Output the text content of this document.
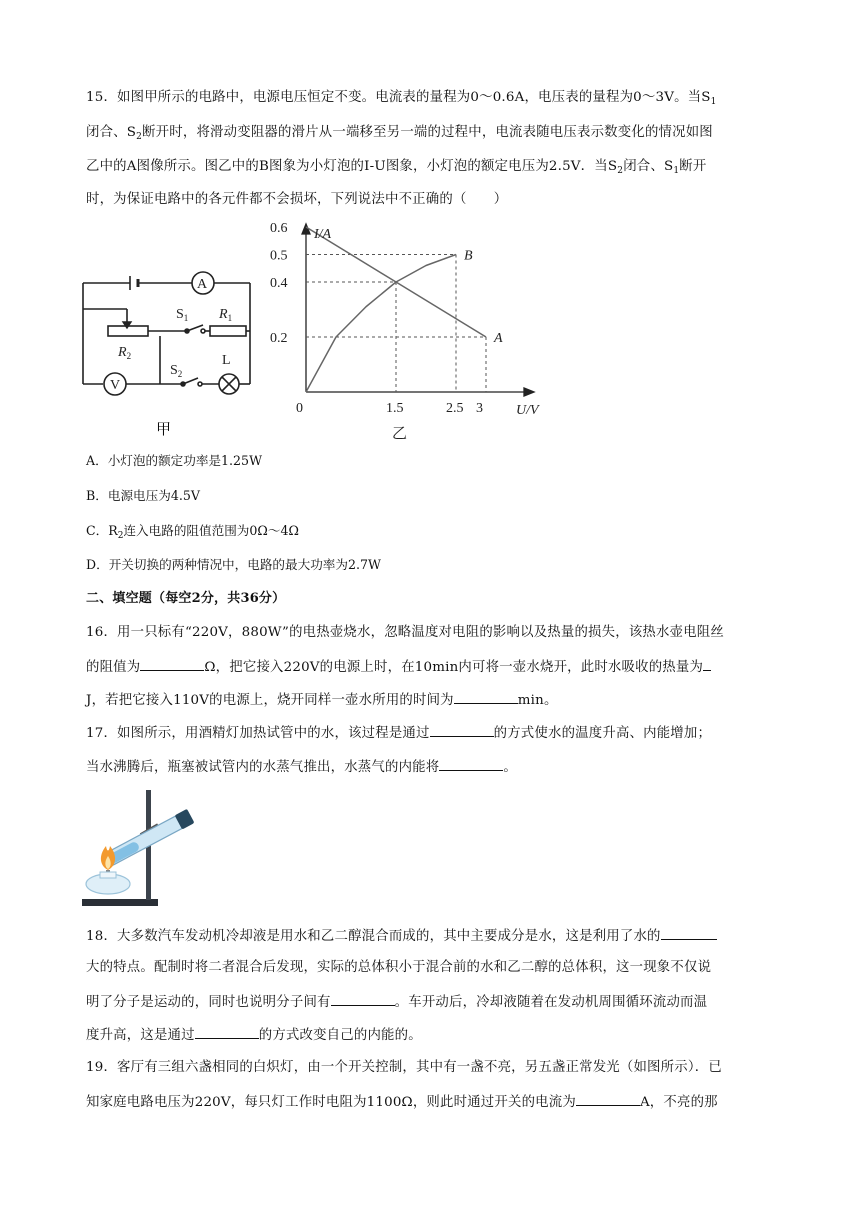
15．如图甲所示的电路中，电源电压恒定不变。电流表的量程为0～0.6A，电压表的量程为0～3V。当$S_1$
闭合、$S_2$断开时，将滑动变阻器的滑片从一端移至另一端的过程中，电流表随电压表示数变化的情况如图
乙中的A图像所示。图乙中的B图象为小灯泡的I-U图象，小灯泡的额定电压为2.5V．当$S_2$闭合、$S_1$断开
时，为保证电路中的各元件都不会损坏，下列说法中不正确的（　　）
A
V
$S_1$ $R_1$
$R_2$
$S_2$
L
甲
0.6
0.5
0.4
0.2
0	1.5	2.5 3
I/A
U/V
B
A
乙
A．小灯泡的额定功率是1.25W
B．电源电压为4.5V
C．$R_2$连入电路的阻值范围为0Ω～4Ω
D．开关切换的两种情况中，电路的最大功率为2.7W
二、填空题（每空2分，共36分）
16．用一只标有“220V，880W”的电热壶烧水，忽略温度对电阻的影响以及热量的损失，该热水壶电阻丝
的阻值为	Ω，把它接入220V的电源上时，在10min内可将一壶水烧开，此时水吸收的热量为
J，若把它接入110V的电源上，烧开同样一壶水所用的时间为	min。
17．如图所示，用酒精灯加热试管中的水，该过程是通过	的方式使水的温度升高、内能增加；
当水沸腾后，瓶塞被试管内的水蒸气推出，水蒸气的内能将	。
18．大多数汽车发动机冷却液是用水和乙二醇混合而成的，其中主要成分是水，这是利用了水的
大的特点。配制时将二者混合后发现，实际的总体积小于混合前的水和乙二醇的总体积，这一现象不仅说
明了分子是运动的，同时也说明分子间有	。车开动后，冷却液随着在发动机周围循环流动而温
度升高，这是通过	的方式改变自己的内能的。
19．客厅有三组六盏相同的白炽灯，由一个开关控制，其中有一盏不亮，另五盏正常发光（如图所示）．已
知家庭电路电压为220V，每只灯工作时电阻为1100Ω，则此时通过开关的电流为	A，不亮的那
